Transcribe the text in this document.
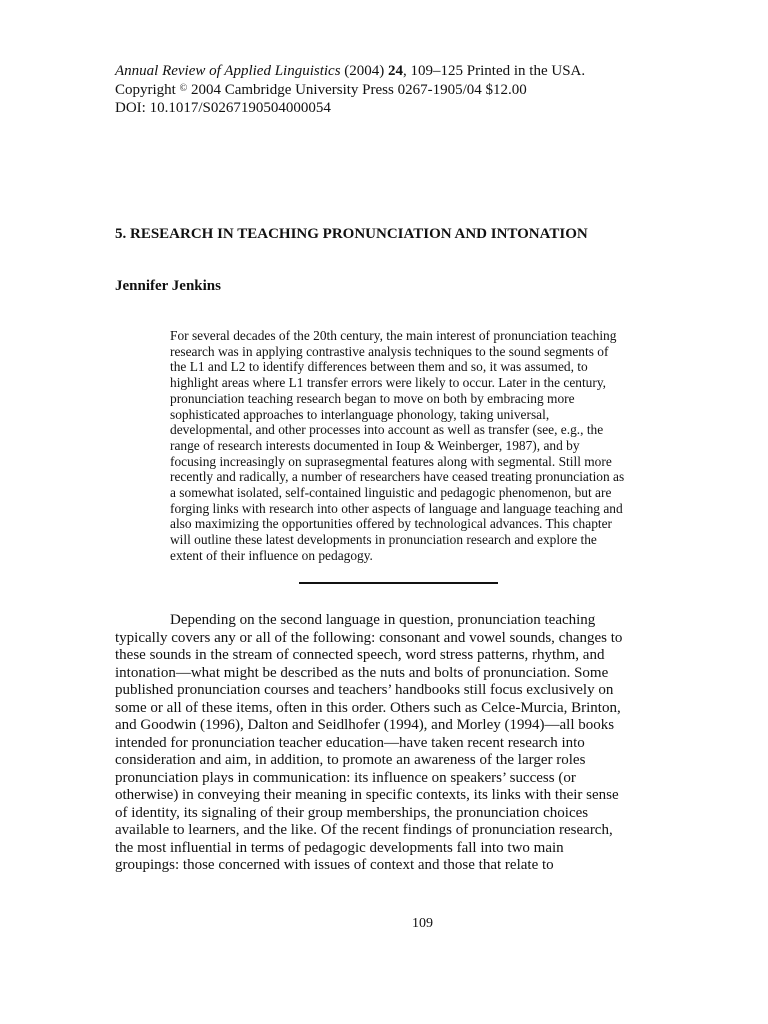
Annual Review of Applied Linguistics (2004) 24, 109–125 Printed in the USA.
Copyright © 2004 Cambridge University Press 0267-1905/04 $12.00
DOI: 10.1017/S0267190504000054
5. RESEARCH IN TEACHING PRONUNCIATION AND INTONATION
Jennifer Jenkins
For several decades of the 20th century, the main interest of pronunciation teaching
research was in applying contrastive analysis techniques to the sound segments of
the L1 and L2 to identify differences between them and so, it was assumed, to
highlight areas where L1 transfer errors were likely to occur. Later in the century,
pronunciation teaching research began to move on both by embracing more
sophisticated approaches to interlanguage phonology, taking universal,
developmental, and other processes into account as well as transfer (see, e.g., the
range of research interests documented in Ioup & Weinberger, 1987), and by
focusing increasingly on suprasegmental features along with segmental. Still more
recently and radically, a number of researchers have ceased treating pronunciation as
a somewhat isolated, self-contained linguistic and pedagogic phenomenon, but are
forging links with research into other aspects of language and language teaching and
also maximizing the opportunities offered by technological advances. This chapter
will outline these latest developments in pronunciation research and explore the
extent of their influence on pedagogy.
Depending on the second language in question, pronunciation teaching
typically covers any or all of the following: consonant and vowel sounds, changes to
these sounds in the stream of connected speech, word stress patterns, rhythm, and
intonation—what might be described as the nuts and bolts of pronunciation. Some
published pronunciation courses and teachers’ handbooks still focus exclusively on
some or all of these items, often in this order. Others such as Celce-Murcia, Brinton,
and Goodwin (1996), Dalton and Seidlhofer (1994), and Morley (1994)—all books
intended for pronunciation teacher education—have taken recent research into
consideration and aim, in addition, to promote an awareness of the larger roles
pronunciation plays in communication: its influence on speakers’ success (or
otherwise) in conveying their meaning in specific contexts, its links with their sense
of identity, its signaling of their group memberships, the pronunciation choices
available to learners, and the like. Of the recent findings of pronunciation research,
the most influential in terms of pedagogic developments fall into two main
groupings: those concerned with issues of context and those that relate to
109
